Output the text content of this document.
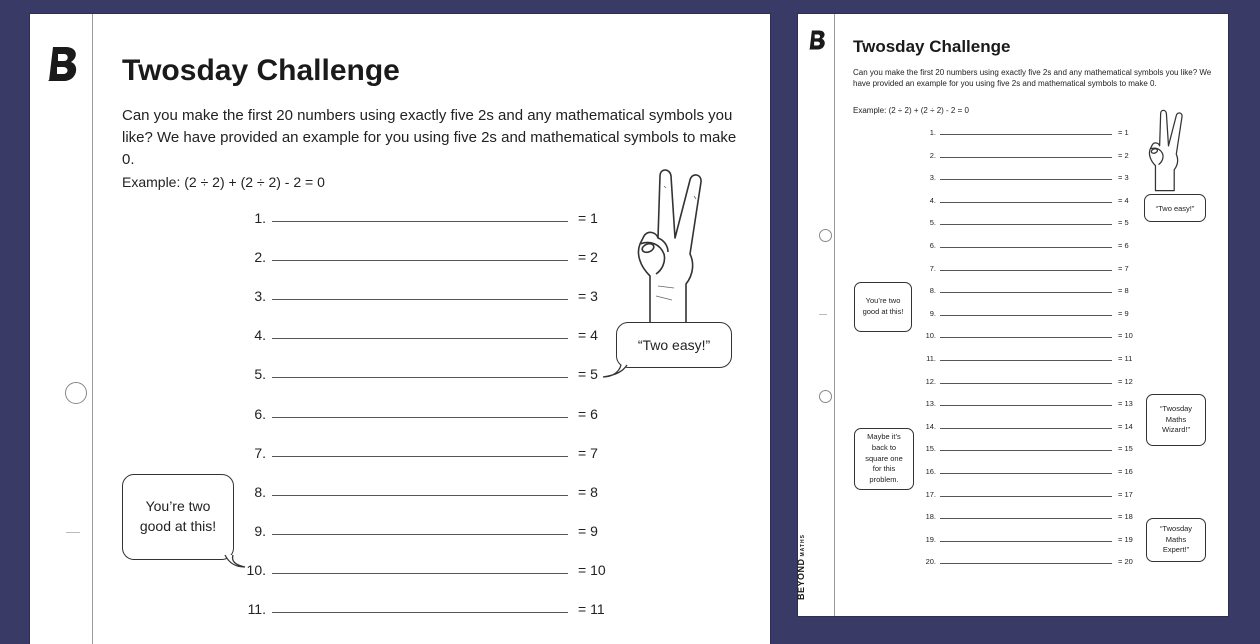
Twosday Challenge
Can you make the first 20 numbers using exactly five 2s and any mathematical symbols you like? We have provided an example for you using five 2s and mathematical symbols to make 0.
Example: (2 ÷ 2) + (2 ÷ 2) - 2 = 0
1.	= 1
2.	= 2
3.	= 3
4.	= 4
5.	= 5
6.	= 6
7.	= 7
8.	= 8
9.	= 9
10.	= 10
11.	= 11
“Two easy!”
You’re two good at this!
Twosday Challenge
Can you make the first 20 numbers using exactly five 2s and any mathematical symbols you like? We have provided an example for you using five 2s and mathematical symbols to make 0.
Example: (2 ÷ 2) + (2 ÷ 2) - 2 = 0
1.	= 1
2.	= 2
3.	= 3
4.	= 4
5.	= 5
6.	= 6
7.	= 7
8.	= 8
9.	= 9
10.	= 10
11.	= 11
12.	= 12
13.	= 13
14.	= 14
15.	= 15
16.	= 16
17.	= 17
18.	= 18
19.	= 19
20.	= 20
“Two easy!”
You’re two good at this!
Maybe it’s back to square one for this problem.
“Twosday Maths Wizard!”
“Twosday Maths Expert!”
BEYONDMATHS
